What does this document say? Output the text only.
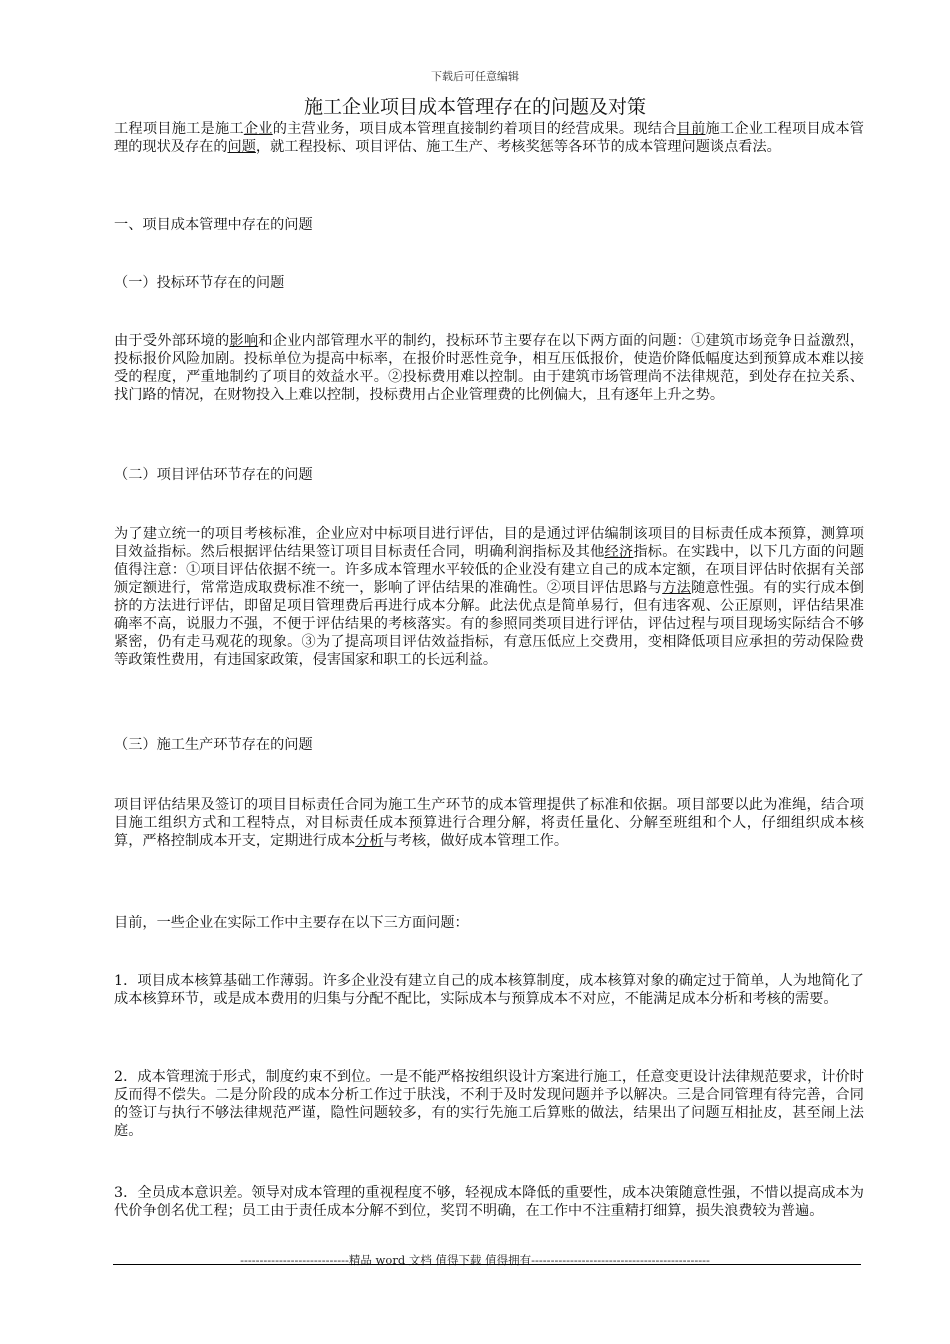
下载后可任意编辑
施工企业项目成本管理存在的问题及对策

工程项目施工是施工企业的主营业务，项目成本管理直接制约着项目的经营成果。现结合目前施工企业工程项目成本管理的现状及存在的问题，就工程投标、项目评估、施工生产、考核奖惩等各环节的成本管理问题谈点看法。

一、项目成本管理中存在的问题

（一）投标环节存在的问题

由于受外部环境的影响和企业内部管理水平的制约，投标环节主要存在以下两方面的问题：①建筑市场竞争日益激烈，投标报价风险加剧。投标单位为提高中标率，在报价时恶性竞争，相互压低报价，使造价降低幅度达到预算成本难以接受的程度，严重地制约了项目的效益水平。②投标费用难以控制。由于建筑市场管理尚不法律规范，到处存在拉关系、找门路的情况，在财物投入上难以控制，投标费用占企业管理费的比例偏大，且有逐年上升之势。

（二）项目评估环节存在的问题

为了建立统一的项目考核标准，企业应对中标项目进行评估，目的是通过评估编制该项目的目标责任成本预算，测算项目效益指标。然后根据评估结果签订项目目标责任合同，明确利润指标及其他经济指标。在实践中，以下几方面的问题值得注意：①项目评估依据不统一。许多成本管理水平较低的企业没有建立自己的成本定额，在项目评估时依据有关部颁定额进行，常常造成取费标准不统一，影响了评估结果的准确性。②项目评估思路与方法随意性强。有的实行成本倒挤的方法进行评估，即留足项目管理费后再进行成本分解。此法优点是简单易行，但有违客观、公正原则，评估结果准确率不高，说服力不强，不便于评估结果的考核落实。有的参照同类项目进行评估，评估过程与项目现场实际结合不够紧密，仍有走马观花的现象。③为了提高项目评估效益指标，有意压低应上交费用，变相降低项目应承担的劳动保险费等政策性费用，有违国家政策，侵害国家和职工的长远利益。

（三）施工生产环节存在的问题

项目评估结果及签订的项目目标责任合同为施工生产环节的成本管理提供了标准和依据。项目部要以此为准绳，结合项目施工组织方式和工程特点，对目标责任成本预算进行合理分解，将责任量化、分解至班组和个人，仔细组织成本核算，严格控制成本开支，定期进行成本分析与考核，做好成本管理工作。

目前，一些企业在实际工作中主要存在以下三方面问题：

1．项目成本核算基础工作薄弱。许多企业没有建立自己的成本核算制度，成本核算对象的确定过于简单，人为地简化了成本核算环节，或是成本费用的归集与分配不配比，实际成本与预算成本不对应，不能满足成本分析和考核的需要。

2．成本管理流于形式，制度约束不到位。一是不能严格按组织设计方案进行施工，任意变更设计法律规范要求，计价时反而得不偿失。二是分阶段的成本分析工作过于肤浅，不利于及时发现问题并予以解决。三是合同管理有待完善，合同的签订与执行不够法律规范严谨，隐性问题较多，有的实行先施工后算账的做法，结果出了问题互相扯皮，甚至闹上法庭。

3．全员成本意识差。领导对成本管理的重视程度不够，轻视成本降低的重要性，成本决策随意性强，不惜以提高成本为代价争创名优工程；员工由于责任成本分解不到位，奖罚不明确，在工作中不注重精打细算，损失浪费较为普遍。

----------------------------精品 word 文档 值得下载 值得拥有----------------------------------------------
